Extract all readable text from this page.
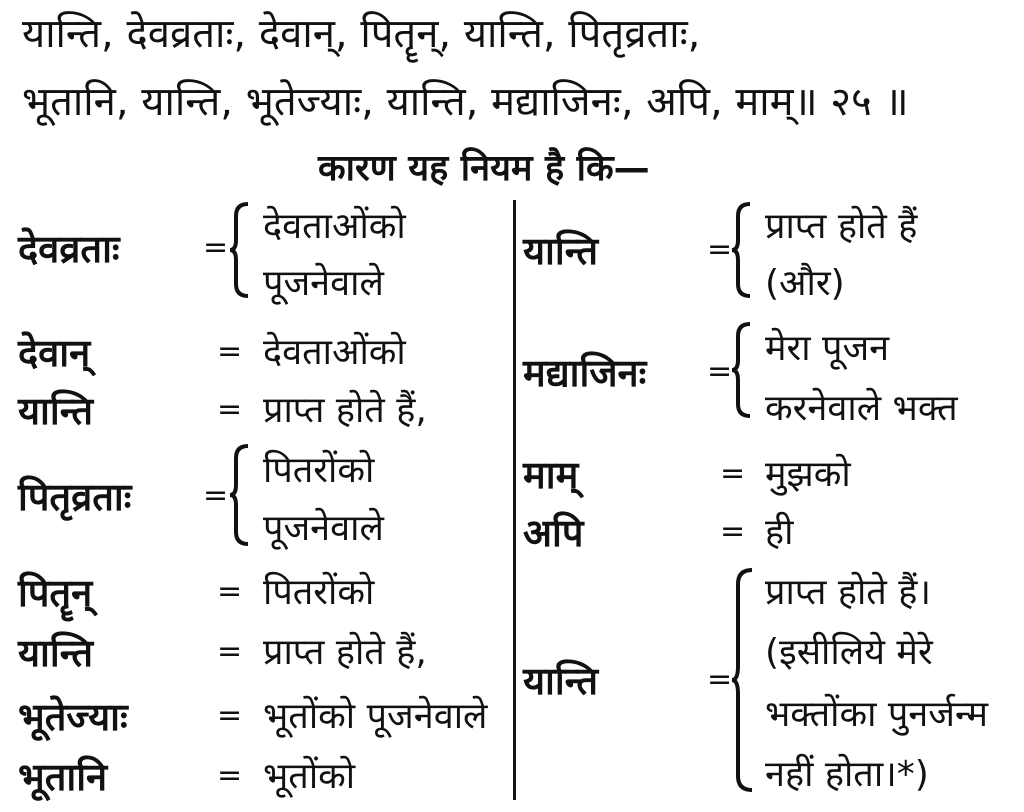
यान्ति, देवव्रताः, देवान्, पितॄन्, यान्ति, पितृव्रताः,
भूतानि, यान्ति, भूतेज्याः, यान्ति, मद्याजिनः, अपि, माम्॥ २५ ॥
कारण यह नियम है कि—
देवव्रताः	=
देवताओंको
पूजनेवाले
देवान्	= देवताओंको
यान्ति	= प्राप्त होते हैं,
पितृव्रताः =
पितरोंको
पूजनेवाले
पितॄन्	= पितरोंको
यान्ति	= प्राप्त होते हैं,
भूतेज्याः	= भूतोंको पूजनेवाले
भूतानि	= भूतोंको
यान्ति	=
प्राप्त होते हैं
(और)
मद्याजिनः =
मेरा पूजन
करनेवाले भक्त
माम्	= मुझको
अपि	= ही
यान्ति	=
प्राप्त होते हैं।
(इसीलिये मेरे
भक्तोंका पुनर्जन्म
नहीं होता।*)
